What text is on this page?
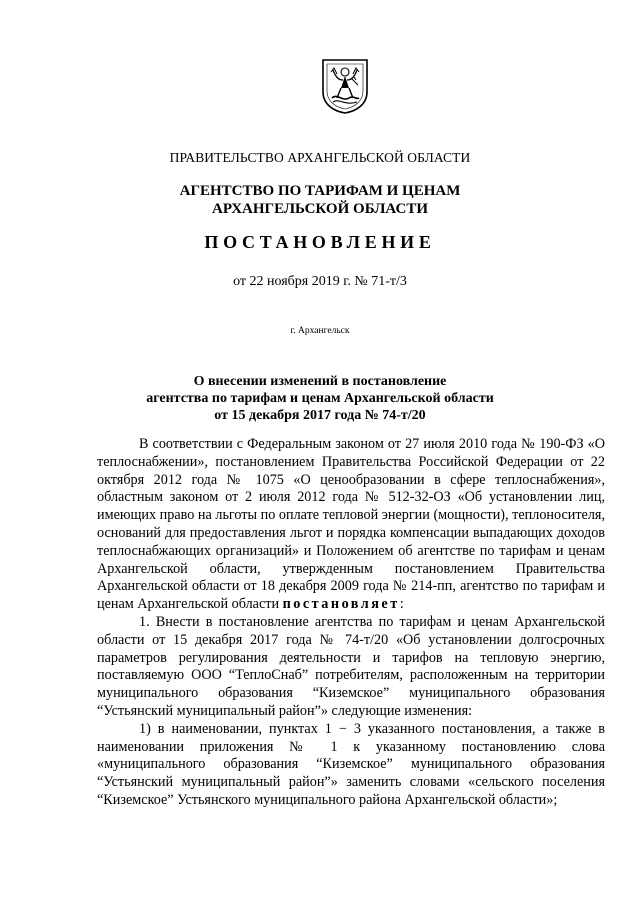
ПРАВИТЕЛЬСТВО АРХАНГЕЛЬСКОЙ ОБЛАСТИ
АГЕНТСТВО ПО ТАРИФАМ И ЦЕНАМ
АРХАНГЕЛЬСКОЙ ОБЛАСТИ
ПОСТАНОВЛЕНИЕ
от 22 ноября 2019 г. № 71-т/3
г. Архангельск
О внесении изменений в постановление
агентства по тарифам и ценам Архангельской области
от 15 декабря 2017 года № 74-т/20

В соответствии с Федеральным законом от 27 июля 2010 года № 190-ФЗ «О теплоснабжении», постановлением Правительства Российской Федерации от 22 октября 2012 года № 1075 «О ценообразовании в сфере теплоснабжения», областным законом от 2 июля 2012 года № 512-32-ОЗ «Об установлении лиц, имеющих право на льготы по оплате тепловой энергии (мощности), теплоносителя, оснований для предоставления льгот и порядка компенсации выпадающих доходов теплоснабжающих организаций» и Положением об агентстве по тарифам и ценам Архангельской области, утвержденным постановлением Правительства Архангельской области от 18 декабря 2009 года № 214-пп, агентство по тарифам и ценам Архангельской области постановляет:

1. Внести в постановление агентства по тарифам и ценам Архангельской области от 15 декабря 2017 года № 74-т/20 «Об установлении долгосрочных параметров регулирования деятельности и тарифов на тепловую энергию, поставляемую ООО “ТеплоСнаб” потребителям, расположенным на территории муниципального образования “Киземское” муниципального образования “Устьянский муниципальный район”» следующие изменения:

1) в наименовании, пунктах 1 − 3 указанного постановления, а также в наименовании приложения № 1 к указанному постановлению слова «муниципального образования “Киземское” муниципального образования “Устьянский муниципальный район”» заменить словами «сельского поселения “Киземское” Устьянского муниципального района Архангельской области»;
